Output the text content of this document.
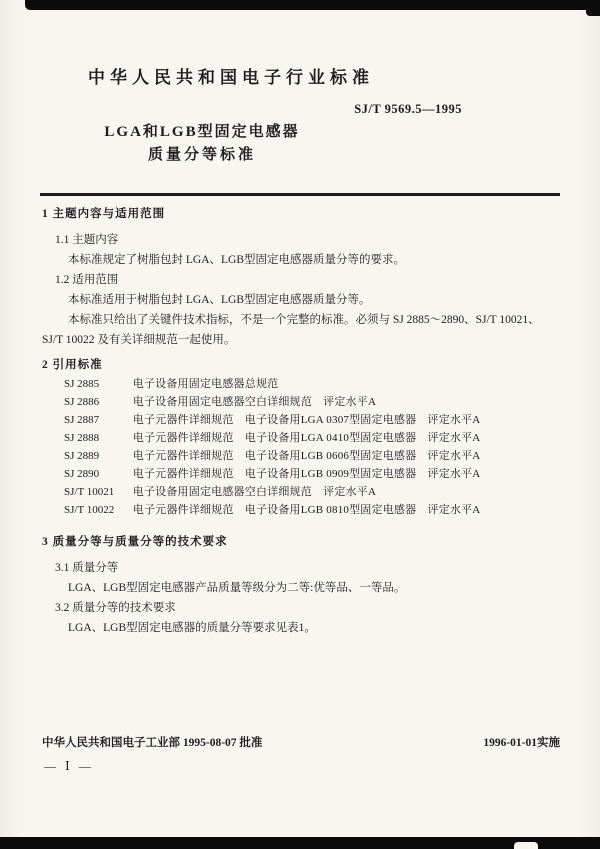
中华人民共和国电子行业标准
SJ/T 9569.5—1995
LGA和LGB型固定电感器
质量分等标准
1 主题内容与适用范围
1.1 主题内容
本标准规定了树脂包封 LGA、LGB型固定电感器质量分等的要求。
1.2 适用范围
本标准适用于树脂包封 LGA、LGB型固定电感器质量分等。
本标准只给出了关键件技术指标，不是一个完整的标准。必须与 SJ 2885～2890、SJ/T 10021、SJ/T 10022 及有关详细规范一起使用。
2 引用标准
SJ 2885	电子设备用固定电感器总规范
SJ 2886	电子设备用固定电感器空白详细规范　评定水平A
SJ 2887	电子元器件详细规范　电子设备用LGA 0307型固定电感器　评定水平A
SJ 2888	电子元器件详细规范　电子设备用LGA 0410型固定电感器　评定水平A
SJ 2889	电子元器件详细规范　电子设备用LGB 0606型固定电感器　评定水平A
SJ 2890	电子元器件详细规范　电子设备用LGB 0909型固定电感器　评定水平A
SJ/T 10021 电子设备用固定电感器空白详细规范　评定水平A
SJ/T 10022 电子元器件详细规范　电子设备用LGB 0810型固定电感器　评定水平A
3 质量分等与质量分等的技术要求
3.1 质量分等
LGA、LGB型固定电感器产品质量等级分为二等:优等品、一等品。
3.2 质量分等的技术要求
LGA、LGB型固定电感器的质量分等要求见表1。
中华人民共和国电子工业部 1995-08-07 批准	1996-01-01实施
— Ⅰ —
